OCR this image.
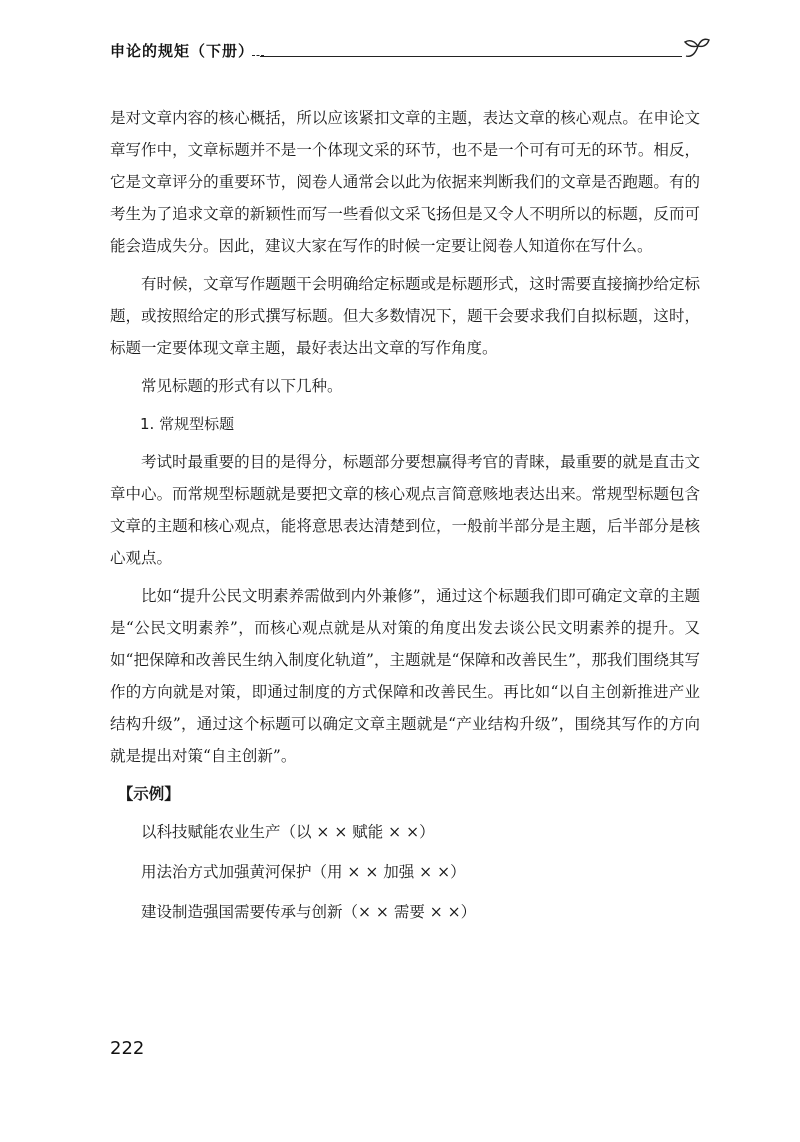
申论的规矩（下册）

是对文章内容的核心概括，所以应该紧扣文章的主题，表达文章的核心观点。在申论文章写作中，文章标题并不是一个体现文采的环节，也不是一个可有可无的环节。相反，它是文章评分的重要环节，阅卷人通常会以此为依据来判断我们的文章是否跑题。有的考生为了追求文章的新颖性而写一些看似文采飞扬但是又令人不明所以的标题，反而可能会造成失分。因此，建议大家在写作的时候一定要让阅卷人知道你在写什么。

有时候，文章写作题题干会明确给定标题或是标题形式，这时需要直接摘抄给定标题，或按照给定的形式撰写标题。但大多数情况下，题干会要求我们自拟标题，这时，标题一定要体现文章主题，最好表达出文章的写作角度。

常见标题的形式有以下几种。

1. 常规型标题

考试时最重要的目的是得分，标题部分要想赢得考官的青睐，最重要的就是直击文章中心。而常规型标题就是要把文章的核心观点言简意赅地表达出来。常规型标题包含文章的主题和核心观点，能将意思表达清楚到位，一般前半部分是主题，后半部分是核心观点。

比如“提升公民文明素养需做到内外兼修”，通过这个标题我们即可确定文章的主题是“公民文明素养”，而核心观点就是从对策的角度出发去谈公民文明素养的提升。又如“把保障和改善民生纳入制度化轨道”，主题就是“保障和改善民生”，那我们围绕其写作的方向就是对策，即通过制度的方式保障和改善民生。再比如“以自主创新推进产业结构升级”，通过这个标题可以确定文章主题就是“产业结构升级”，围绕其写作的方向就是提出对策“自主创新”。

【示例】

以科技赋能农业生产（以 × × 赋能 × ×）

用法治方式加强黄河保护（用 × × 加强 × ×）

建设制造强国需要传承与创新（× × 需要 × ×）

222
